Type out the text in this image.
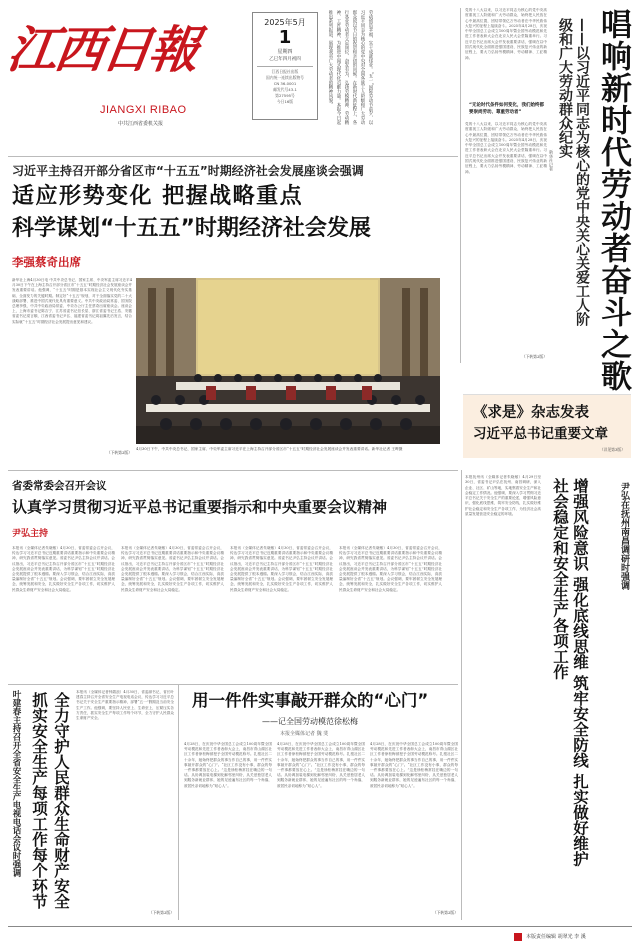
江西日報
JIANGXI RIBAO
中共江西省委机关报
2025年5月
1
星期四
乙巳年四月初四
江西日报社出版
国内统一连续出版物号
CN 36-0001
邮发代号43-1
第27595号
今日16版	劳动创造幸福，实干成就伟业。“五一”国际劳动节前夕，以习近平同志为核心的党中央对全国各族工人阶级和广大劳动群众致以节日的祝贺和亲切的问候。在新时代新征程上，各行各业劳动者立足岗位、奋发有为，弘扬劳模精神、劳动精神、工匠精神，为推进中国式现代化贡献力量。本报今日起推出系列报道，展现我省广大劳动者的精神风貌。	党的十八大以来，以习近平同志为核心的党中央高度重视工人阶级和广大劳动群众，始终把人民放在心中最高位置，团结带领亿万劳动者在中华民族伟大复兴的征程上接续奋斗。2025年4月28日，庆祝中华全国总工会成立100周年暨全国劳动模范和先进工作者表彰大会在北京人民大会堂隆重举行。习近平总书记出席大会并发表重要讲话，强调在以中国式现代化全面推进强国建设、民族复兴伟业的新征程上，要大力弘扬劳模精神、劳动精神、工匠精神。
“无论时代条件如何变化，我们始终都要崇尚劳动、尊重劳动者”
党的十八大以来，以习近平同志为核心的党中央高度重视工人阶级和广大劳动群众，始终把人民放在心中最高位置，团结带领亿万劳动者在中华民族伟大复兴的征程上接续奋斗。2025年4月28日，庆祝中华全国总工会成立100周年暨全国劳动模范和先进工作者表彰大会在北京人民大会堂隆重举行。习近平总书记出席大会并发表重要讲话，强调在以中国式现代化全面推进强国建设、民族复兴伟业的新征程上，要大力弘扬劳模精神、劳动精神、工匠精神。
（下转第2版）
新华社记者	——以习近平同志为核心的党中央关心关爱工人阶级和广大劳动群众纪实 唱响新时代劳动者奋斗之歌
习近平主持召开部分省区市“十五五”时期经济社会发展座谈会强调
适应形势变化 把握战略重点
科学谋划“十五五”时期经济社会发展
李强蔡奇出席
新华社上海4月30日电 中共中央总书记、国家主席、中央军委主席习近平4月30日下午在上海主持召开部分省区市“十五五”时期经济社会发展座谈会并发表重要讲话。他强调，“十五五”时期是基本实现社会主义现代化夯实基础、全面发力的关键时期。制定好“十五五”规划，对于全面落实党的二十大战略部署、推进中国式现代化具有重要意义。中共中央政治局常委、国务院总理李强，中共中央政治局常委、中央办公厅主任蔡奇出席座谈会。座谈会上，上海市委书记陈吉宁、江苏省委书记信长星、浙江省委书记王浩、安徽省委书记梁言顺、江西省委书记尹弘、福建省委书记周祖翼先后发言，结合实际就“十五五”时期经济社会发展提出意见和建议。
（下转第2版）
4月30日下午，中共中央总书记、国家主席、中央军委主席习近平在上海主持召开部分省区市“十五五”时期经济社会发展座谈会并发表重要讲话。新华社记者 王晔摄
《求是》杂志发表
习近平总书记重要文章
（详见第3版）
省委常委会召开会议
认真学习贯彻习近平总书记重要指示和中央重要会议精神
尹弘主持
本报讯（全媒体记者朱晓敏）4月30日，省委常委会召开会议，传达学习习近平总书记近期重要讲话重要指示和中央重要会议精神，研究我省贯彻落实意见。省委书记尹弘主持会议并讲话。会议指出，习近平总书记主持召开部分省区市“十五五”时期经济社会发展座谈会并发表重要讲话，为科学谋划“十五五”时期经济社会发展提供了根本遵循。要深入学习领会，结合江西实际，高质量编制好全省“十五五”规划。会议强调，要牢固树立安全发展理念，统筹发展和安全，扎实做好安全生产各项工作，切实维护人民群众生命财产安全和社会大局稳定。
本报讯（全媒体记者朱晓敏）4月30日，省委常委会召开会议，传达学习习近平总书记近期重要讲话重要指示和中央重要会议精神，研究我省贯彻落实意见。省委书记尹弘主持会议并讲话。会议指出，习近平总书记主持召开部分省区市“十五五”时期经济社会发展座谈会并发表重要讲话，为科学谋划“十五五”时期经济社会发展提供了根本遵循。要深入学习领会，结合江西实际，高质量编制好全省“十五五”规划。会议强调，要牢固树立安全发展理念，统筹发展和安全，扎实做好安全生产各项工作，切实维护人民群众生命财产安全和社会大局稳定。
本报讯（全媒体记者朱晓敏）4月30日，省委常委会召开会议，传达学习习近平总书记近期重要讲话重要指示和中央重要会议精神，研究我省贯彻落实意见。省委书记尹弘主持会议并讲话。会议指出，习近平总书记主持召开部分省区市“十五五”时期经济社会发展座谈会并发表重要讲话，为科学谋划“十五五”时期经济社会发展提供了根本遵循。要深入学习领会，结合江西实际，高质量编制好全省“十五五”规划。会议强调，要牢固树立安全发展理念，统筹发展和安全，扎实做好安全生产各项工作，切实维护人民群众生命财产安全和社会大局稳定。
本报讯（全媒体记者朱晓敏）4月30日，省委常委会召开会议，传达学习习近平总书记近期重要讲话重要指示和中央重要会议精神，研究我省贯彻落实意见。省委书记尹弘主持会议并讲话。会议指出，习近平总书记主持召开部分省区市“十五五”时期经济社会发展座谈会并发表重要讲话，为科学谋划“十五五”时期经济社会发展提供了根本遵循。要深入学习领会，结合江西实际，高质量编制好全省“十五五”规划。会议强调，要牢固树立安全发展理念，统筹发展和安全，扎实做好安全生产各项工作，切实维护人民群众生命财产安全和社会大局稳定。
本报抚州讯（全媒体记者朱晓敏）4月29日至30日，省委书记尹弘在抚州、南昌调研，深入企业、社区、矿山等地，实地察看安全生产和社会稳定工作情况。他强调，要深入学习贯彻习近平总书记关于安全生产的重要论述，增强风险意识，强化底线思维，筑牢安全防线，扎实做好维护社会稳定和安全生产各项工作，为经济社会高质量发展营造安全稳定的环境。	增强风险意识 强化底线思维 筑牢安全防线 扎实做好维护社会稳定和安全生产各项工作	尹弘在抚州南昌调研时强调
叶建春主持召开全省安全生产电视电话会议时强调	全力守护人民群众生命财产安全 抓实安全生产每项工作每个环节	本报讯（全媒体记者钟端浪）4月30日，省委副书记、省长叶建春主持召开全省安全生产电视电话会议，传达学习习近平总书记关于安全生产重要指示精神，部署“五一”假期及当前安全生产工作。他强调，要坚持人民至上、生命至上，压紧压实各方责任，抓实安全生产每项工作每个环节，全力守护人民群众生命财产安全。
（下转第2版）
用一件件实事敲开群众的“心门”
——记全国劳动模范徐松梅
本报全媒体记者 魏 斐
4月28日，在庆祝中华全国总工会成立100周年暨全国劳动模范和先进工作者表彰大会上，南昌市青山湖区社区工作者徐松梅被授予全国劳动模范称号。扎根社区二十余年，她始终把群众的事当作自己的事，用一件件实事敲开群众的“心门”。“社区工作没有小事，群众的每一件事都要放在心上。”这是徐松梅常挂在嘴边的一句话。从协调加装电梯到化解邻里纠纷，从关爱独居老人到服务新就业群体，她的足迹遍布社区的每一个角落，被居民亲切地称为“贴心人”。
4月28日，在庆祝中华全国总工会成立100周年暨全国劳动模范和先进工作者表彰大会上，南昌市青山湖区社区工作者徐松梅被授予全国劳动模范称号。扎根社区二十余年，她始终把群众的事当作自己的事，用一件件实事敲开群众的“心门”。“社区工作没有小事，群众的每一件事都要放在心上。”这是徐松梅常挂在嘴边的一句话。从协调加装电梯到化解邻里纠纷，从关爱独居老人到服务新就业群体，她的足迹遍布社区的每一个角落，被居民亲切地称为“贴心人”。
4月28日，在庆祝中华全国总工会成立100周年暨全国劳动模范和先进工作者表彰大会上，南昌市青山湖区社区工作者徐松梅被授予全国劳动模范称号。扎根社区二十余年，她始终把群众的事当作自己的事，用一件件实事敲开群众的“心门”。“社区工作没有小事，群众的每一件事都要放在心上。”这是徐松梅常挂在嘴边的一句话。从协调加装电梯到化解邻里纠纷，从关爱独居老人到服务新就业群体，她的足迹遍布社区的每一个角落，被居民亲切地称为“贴心人”。
（下转第2版）
本版责任编辑 胡翠光 李 溪
